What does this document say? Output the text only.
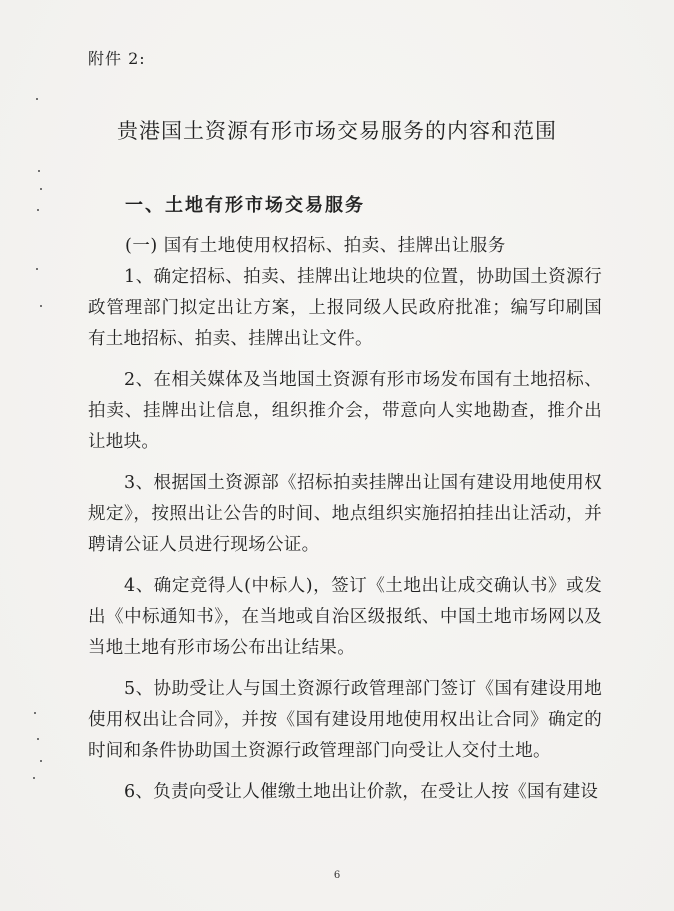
附件 2:
贵港国土资源有形市场交易服务的内容和范围
一、土地有形市场交易服务
(一) 国有土地使用权招标、拍卖、挂牌出让服务

1、确定招标、拍卖、挂牌出让地块的位置，协助国土资源行政管理部门拟定出让方案，上报同级人民政府批准；编写印刷国有土地招标、拍卖、挂牌出让文件。

2、在相关媒体及当地国土资源有形市场发布国有土地招标、拍卖、挂牌出让信息，组织推介会，带意向人实地勘查，推介出让地块。

3、根据国土资源部《招标拍卖挂牌出让国有建设用地使用权规定》，按照出让公告的时间、地点组织实施招拍挂出让活动，并聘请公证人员进行现场公证。

4、确定竞得人(中标人)，签订《土地出让成交确认书》或发出《中标通知书》，在当地或自治区级报纸、中国土地市场网以及当地土地有形市场公布出让结果。

5、协助受让人与国土资源行政管理部门签订《国有建设用地使用权出让合同》，并按《国有建设用地使用权出让合同》确定的时间和条件协助国土资源行政管理部门向受让人交付土地。

6、负责向受让人催缴土地出让价款，在受让人按《国有建设

6
